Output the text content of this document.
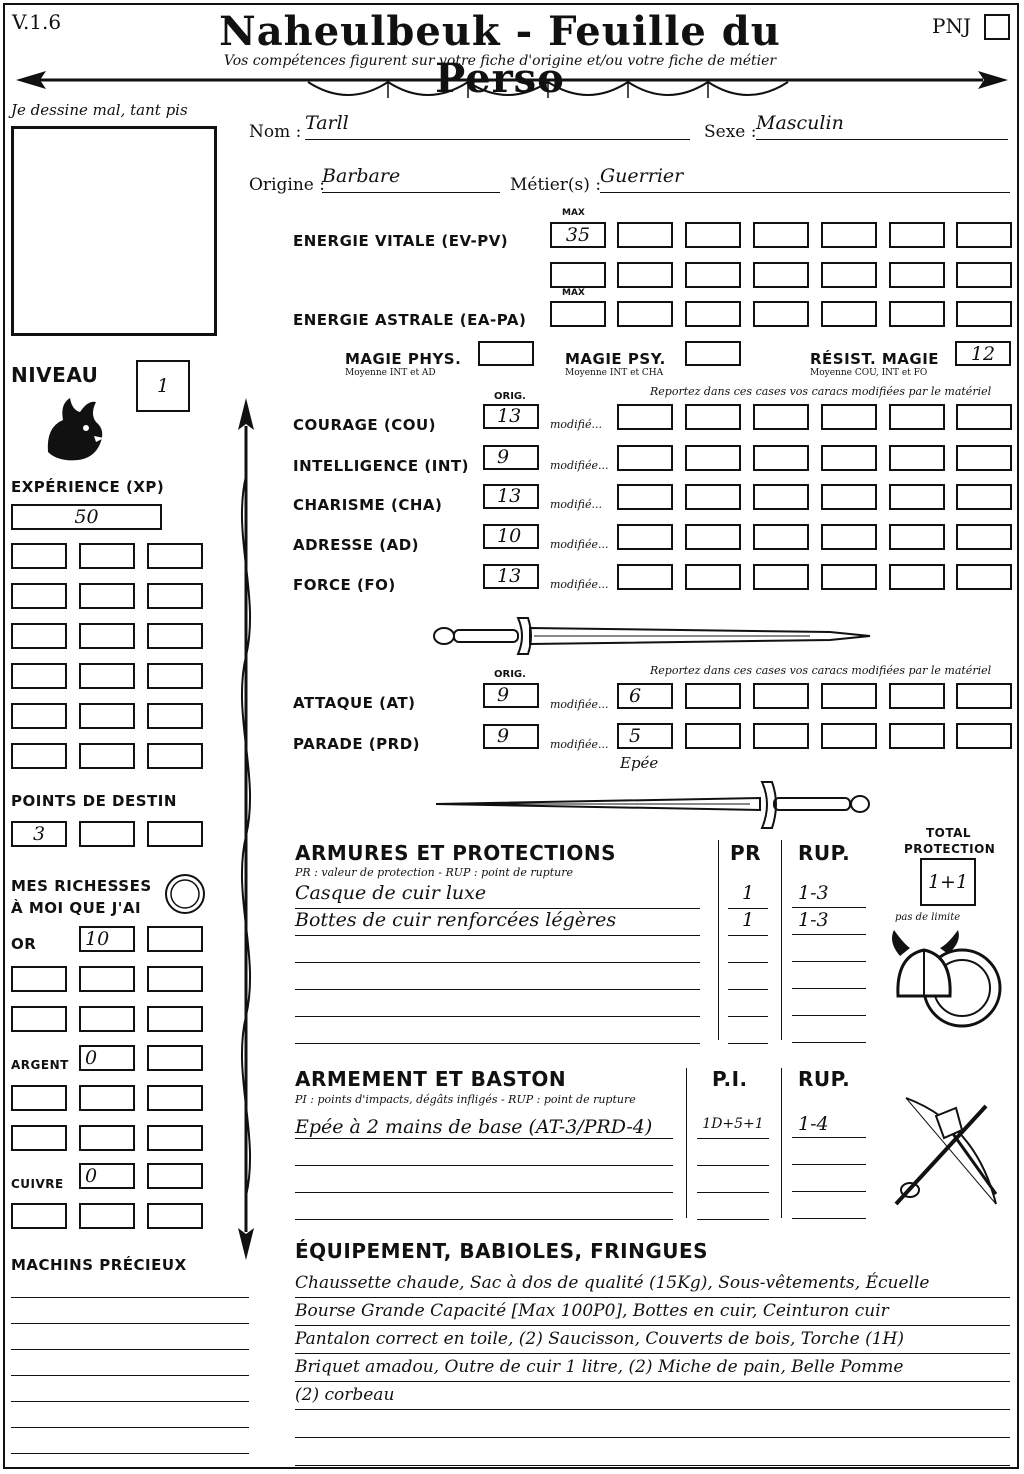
V.1.6	Naheulbeuk - Feuille du Perso
Vos compétences figurent sur votre fiche d'origine et/ou votre fiche de métier
PNJ
Je dessine mal, tant pis
Nom : Tarll	Sexe : Masculin
Origine :
Barbare	Métier(s) :
Guerrier
MAX
ENERGIE VITALE (EV-PV)	35
MAX
ENERGIE ASTRALE (EA-PA)
MAGIE PHYS.
Moyenne INT et AD
MAGIE PSY.
Moyenne INT et CHA
RÉSIST. MAGIE
Moyenne COU, INT et FO
12
NIVEAU	1
EXPÉRIENCE (XP)
50
POINTS DE DESTIN
3
MES RICHESSES
À MOI QUE J'AI
OR	10
ARGENT 0
CUIVRE	0
MACHINS PRÉCIEUX
ORIG.	Reportez dans ces cases vos caracs modifiées par le matériel
ORIG.	Reportez dans ces cases vos caracs modifiées par le matériel
ATTAQUE (AT)	9	modifiée...	6
PARADE (PRD)	9	modifiée...	5
Epée
ARMURES ET PROTECTIONS
PR : valeur de protection - RUP : point de rupture
PR RUP.
TOTAL
PROTECTION
1+1
pas de limite
ARMEMENT ET BASTON
PI : points d'impacts, dégâts infligés - RUP : point de rupture
P.I.	RUP.
ÉQUIPEMENT, BABIOLES, FRINGUES
COURAGE (COU)	13	modifié...
INTELLIGENCE (INT)	9	modifiée...
CHARISME (CHA)	13	modifié...
ADRESSE (AD)	10	modifiée...
FORCE (FO)	13	modifiée...
Casque de cuir luxe	1	1-3
Bottes de cuir renforcées légères	1	1-3
Epée à 2 mains de base (AT-3/PRD-4)	1D+5+1	1-4
Chaussette chaude, Sac à dos de qualité (15Kg), Sous-vêtements, Écuelle
Bourse Grande Capacité [Max 100P0], Bottes en cuir, Ceinturon cuir
Pantalon correct en toile, (2) Saucisson, Couverts de bois, Torche (1H)
Briquet amadou, Outre de cuir 1 litre, (2) Miche de pain, Belle Pomme
(2) corbeau
